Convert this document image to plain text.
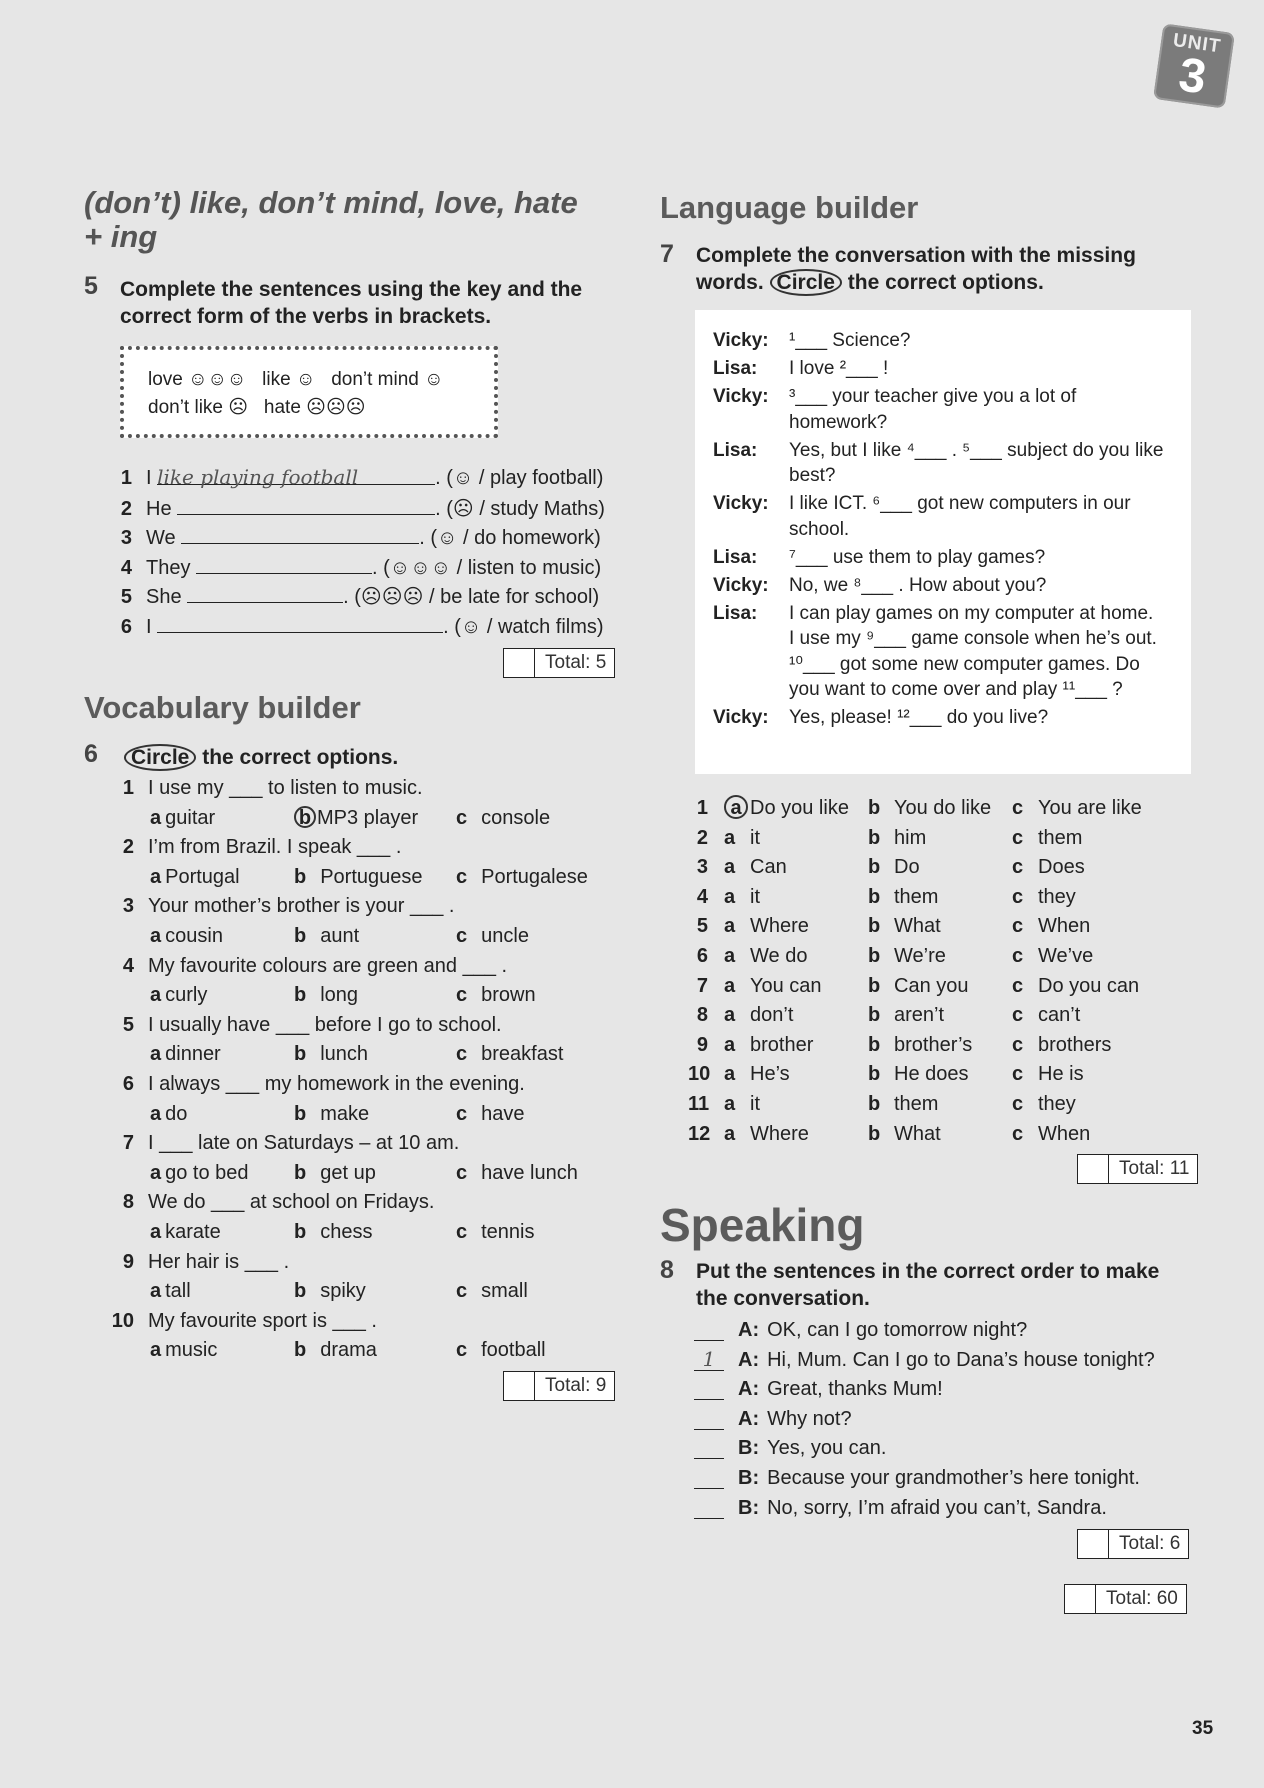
UNIT
3
(don’t) like, don’t mind, love, hate
+ ing
5 Complete the sentences using the key and the
correct form of the verbs in brackets.
love ☺☺☺   like ☺   don’t mind ☺
don’t like ☹   hate ☹☹☹
1 I like playing football	. (☺ / play football)
2 He	. (☹ / study Maths)
3 We	. (☺ / do homework)
4 They	. (☺☺☺ / listen to music)
5 She	. (☹☹☹ / be late for school)
6 I	. (☺ / watch films)
Total: 5
Vocabulary builder
6	Circle the correct options.
1 I use my ___ to listen to music.
a guitar	b MP3 player c console
2 I’m from Brazil. I speak ___ .
a Portugal	b Portuguese c Portugalese
3 Your mother’s brother is your ___ .
a cousin	b aunt	c uncle
4 My favourite colours are green and ___ .
a curly	b long	c brown
5 I usually have ___ before I go to school.
a dinner	b lunch	c breakfast
6 I always ___ my homework in the evening.
a do	b make	c have
7 I ___ late on Saturdays – at 10 am.
a go to bed b get up	c have lunch
8 We do ___ at school on Fridays.
a karate	b chess	c tennis
9 Her hair is ___ .
a tall	b spiky	c small
10 My favourite sport is ___ .
a music	b drama	c football
Total: 9
Language builder
7 Complete the conversation with the missing
words. Circle the correct options.
Vicky:	¹___ Science?
Lisa:	I love ²___ !
Vicky:	³___ your teacher give you a lot of
homework?
Lisa:	Yes, but I like ⁴___ . ⁵___ subject do you like
best?
Vicky:	I like ICT. ⁶___ got new computers in our
school.
Lisa:	⁷___ use them to play games?
Vicky:	No, we ⁸___ . How about you?
Lisa:	I can play games on my computer at home.
I use my ⁹___ game console when he’s out.
¹⁰___ got some new computer games. Do
you want to come over and play ¹¹___ ?
Vicky:	Yes, please! ¹²___ do you live?
1	a Do you like b You do like c You are like
2 a it	b him	c them
3 a Can	b Do	c Does
4 a it	b them	c they
5 a Where	b What	c When
6 a We do	b We’re	c We’ve
7 a You can b Can you c Do you can
8 a don’t	b aren’t	c can’t
9 a brother	b brother’s c brothers
10 a He’s	b He does c He is
11 a it	b them	c they
12 a Where	b What	c When
Total: 11
Speaking
8 Put the sentences in the correct order to make
the conversation.
A: OK, can I go tomorrow night?
1	A: Hi, Mum. Can I go to Dana’s house tonight?
A: Great, thanks Mum!
A: Why not?
B: Yes, you can.
B: Because your grandmother’s here tonight.
B: No, sorry, I’m afraid you can’t, Sandra.
Total: 6
Total: 60
35
